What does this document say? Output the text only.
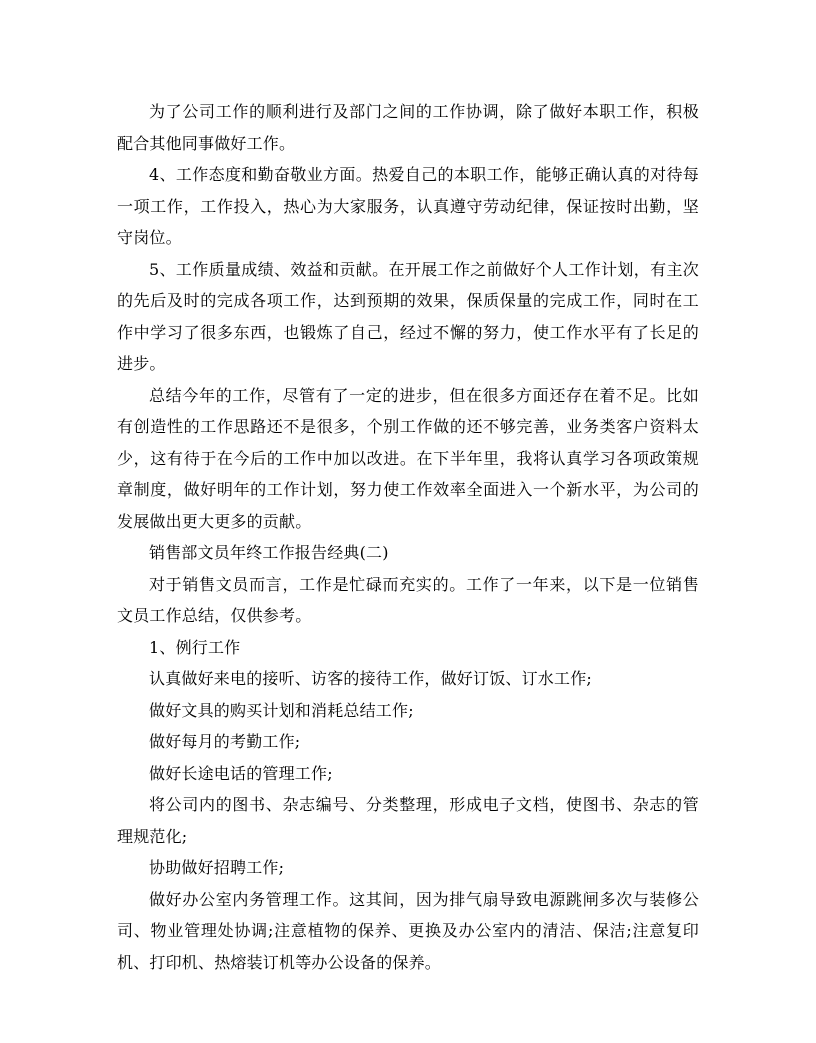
为了公司工作的顺利进行及部门之间的工作协调，除了做好本职工作，积极配合其他同事做好工作。

4、工作态度和勤奋敬业方面。热爱自己的本职工作，能够正确认真的对待每一项工作，工作投入，热心为大家服务，认真遵守劳动纪律，保证按时出勤，坚守岗位。

5、工作质量成绩、效益和贡献。在开展工作之前做好个人工作计划，有主次的先后及时的完成各项工作，达到预期的效果，保质保量的完成工作，同时在工作中学习了很多东西，也锻炼了自己，经过不懈的努力，使工作水平有了长足的进步。

总结今年的工作，尽管有了一定的进步，但在很多方面还存在着不足。比如有创造性的工作思路还不是很多，个别工作做的还不够完善，业务类客户资料太少，这有待于在今后的工作中加以改进。在下半年里，我将认真学习各项政策规章制度，做好明年的工作计划，努力使工作效率全面进入一个新水平，为公司的发展做出更大更多的贡献。

销售部文员年终工作报告经典(二)

对于销售文员而言，工作是忙碌而充实的。工作了一年来，以下是一位销售文员工作总结，仅供参考。

1、例行工作

认真做好来电的接听、访客的接待工作，做好订饭、订水工作;

做好文具的购买计划和消耗总结工作;

做好每月的考勤工作;

做好长途电话的管理工作;

将公司内的图书、杂志编号、分类整理，形成电子文档，使图书、杂志的管理规范化;

协助做好招聘工作;

做好办公室内务管理工作。这其间，因为排气扇导致电源跳闸多次与装修公司、物业管理处协调;注意植物的保养、更换及办公室内的清洁、保洁;注意复印机、打印机、热熔装订机等办公设备的保养。
